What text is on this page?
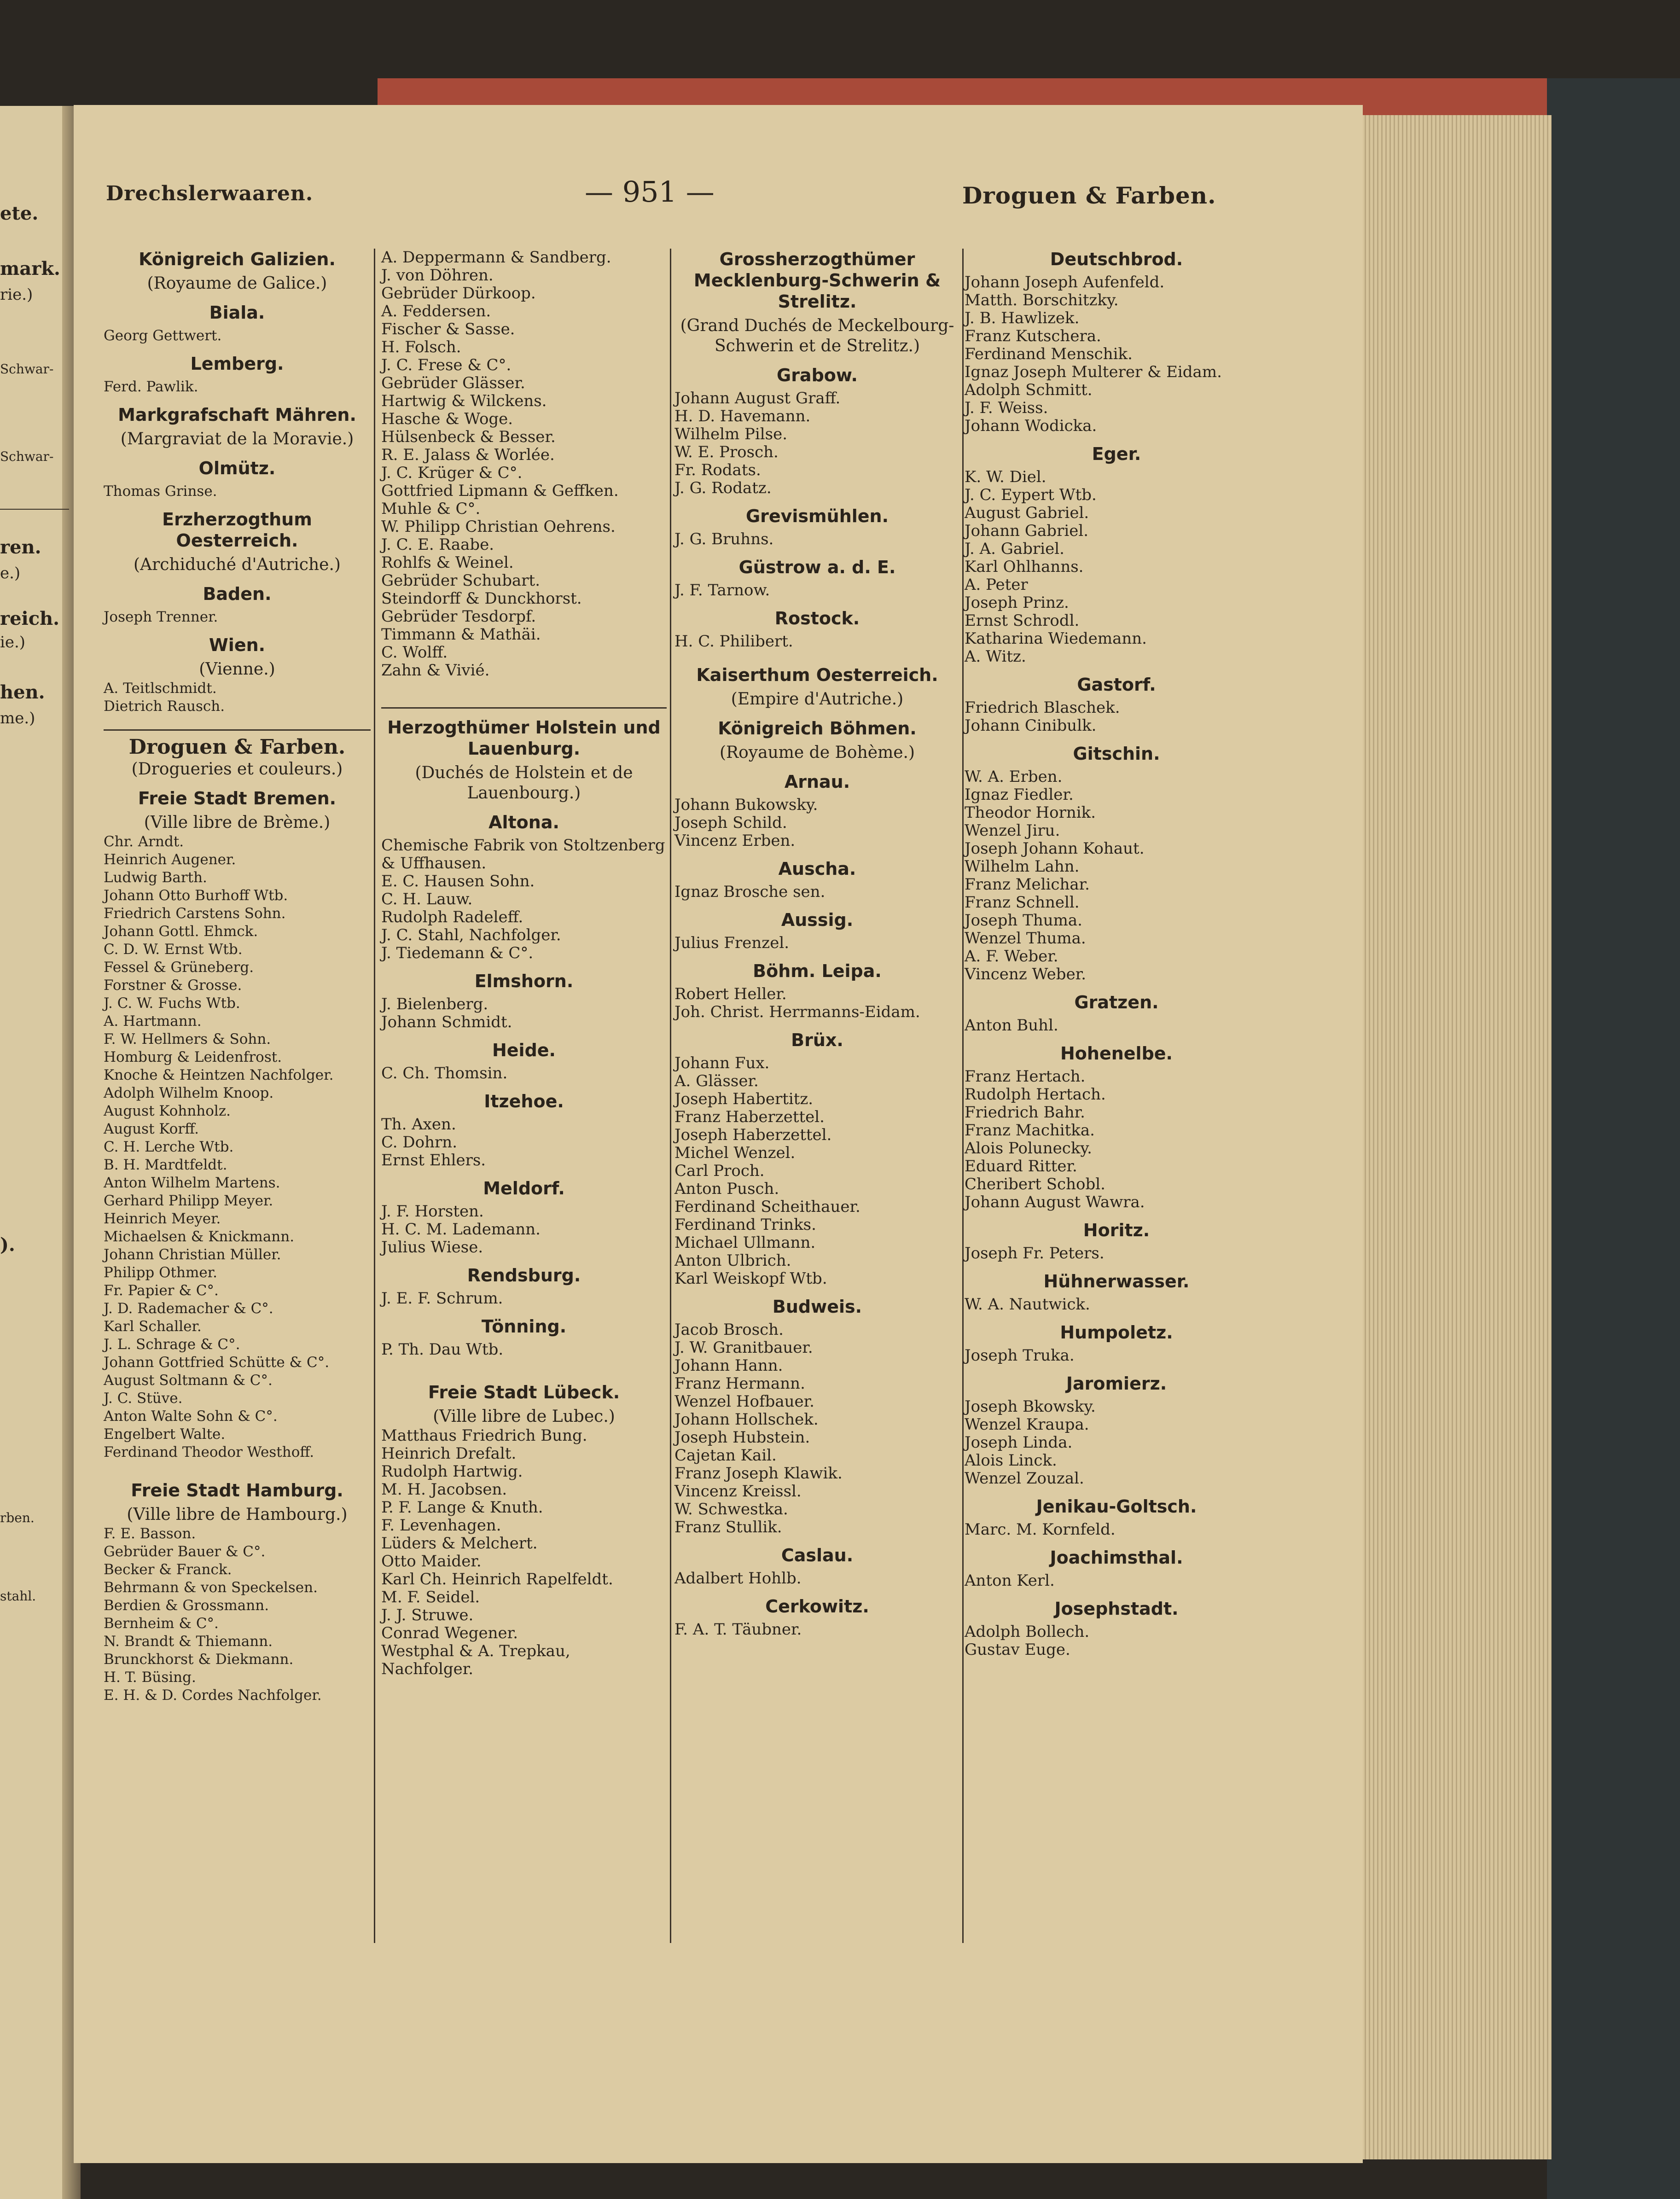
ete.
mark.
rie.)
Schwar-
Schwar-
ren.
e.)
reich.
ie.)
hen.
me.)
).
rben.
stahl.
Drechslerwaaren.	— 951 —	Droguen & Farben.
Königreich Galizien.
(Royaume de Galice.)
Biala.
Georg Gettwert.
Lemberg.
Ferd. Pawlik.
Markgrafschaft Mähren.
(Margraviat de la Moravie.)
Olmütz.
Thomas Grinse.
Erzherzogthum Oesterreich.
(Archiduché d'Autriche.)
Baden.
Joseph Trenner.
Wien.
(Vienne.)
A. Teitlschmidt.
Dietrich Rausch.
Droguen & Farben.
(Drogueries et couleurs.)
Freie Stadt Bremen.
(Ville libre de Brème.)
Chr. Arndt.
Heinrich Augener.
Ludwig Barth.
Johann Otto Burhoff Wtb.
Friedrich Carstens Sohn.
Johann Gottl. Ehmck.
C. D. W. Ernst Wtb.
Fessel & Grüneberg.
Forstner & Grosse.
J. C. W. Fuchs Wtb.
A. Hartmann.
F. W. Hellmers & Sohn.
Homburg & Leidenfrost.
Knoche & Heintzen Nachfolger.
Adolph Wilhelm Knoop.
August Kohnholz.
August Korff.
C. H. Lerche Wtb.
B. H. Mardtfeldt.
Anton Wilhelm Martens.
Gerhard Philipp Meyer.
Heinrich Meyer.
Michaelsen & Knickmann.
Johann Christian Müller.
Philipp Othmer.
Fr. Papier & C°.
J. D. Rademacher & C°.
Karl Schaller.
J. L. Schrage & C°.
Johann Gottfried Schütte & C°.
August Soltmann & C°.
J. C. Stüve.
Anton Walte Sohn & C°.
Engelbert Walte.
Ferdinand Theodor Westhoff.
Freie Stadt Hamburg.
(Ville libre de Hambourg.)
F. E. Basson.
Gebrüder Bauer & C°.
Becker & Franck.
Behrmann & von Speckelsen.
Berdien & Grossmann.
Bernheim & C°.
N. Brandt & Thiemann.
Brunckhorst & Diekmann.
H. T. Büsing.
E. H. & D. Cordes Nachfolger.
A. Deppermann & Sandberg.
J. von Döhren.
Gebrüder Dürkoop.
A. Feddersen.
Fischer & Sasse.
H. Folsch.
J. C. Frese & C°.
Gebrüder Glässer.
Hartwig & Wilckens.
Hasche & Woge.
Hülsenbeck & Besser.
R. E. Jalass & Worlée.
J. C. Krüger & C°.
Gottfried Lipmann & Geffken.
Muhle & C°.
W. Philipp Christian Oehrens.
J. C. E. Raabe.
Rohlfs & Weinel.
Gebrüder Schubart.
Steindorff & Dunckhorst.
Gebrüder Tesdorpf.
Timmann & Mathäi.
C. Wolff.
Zahn & Vivié.
Herzogthümer Holstein und Lauenburg.
(Duchés de Holstein et de Lauenbourg.)
Altona.
Chemische Fabrik von Stoltzenberg & Uffhausen.
E. C. Hausen Sohn.
C. H. Lauw.
Rudolph Radeleff.
J. C. Stahl, Nachfolger.
J. Tiedemann & C°.
Elmshorn.
J. Bielenberg.
Johann Schmidt.
Heide.
C. Ch. Thomsin.
Itzehoe.
Th. Axen.
C. Dohrn.
Ernst Ehlers.
Meldorf.
J. F. Horsten.
H. C. M. Lademann.
Julius Wiese.
Rendsburg.
J. E. F. Schrum.
Tönning.
P. Th. Dau Wtb.
Freie Stadt Lübeck.
(Ville libre de Lubec.)
Matthaus Friedrich Bung.
Heinrich Drefalt.
Rudolph Hartwig.
M. H. Jacobsen.
P. F. Lange & Knuth.
F. Levenhagen.
Lüders & Melchert.
Otto Maider.
Karl Ch. Heinrich Rapelfeldt.
M. F. Seidel.
J. J. Struwe.
Conrad Wegener.
Westphal & A. Trepkau, Nachfolger.
Grossherzogthümer Mecklenburg-Schwerin & Strelitz.
(Grand Duchés de Meckelbourg-Schwerin et de Strelitz.)
Grabow.
Johann August Graff.
H. D. Havemann.
Wilhelm Pilse.
W. E. Prosch.
Fr. Rodats.
J. G. Rodatz.
Grevismühlen.
J. G. Bruhns.
Güstrow a. d. E.
J. F. Tarnow.
Rostock.
H. C. Philibert.
Kaiserthum Oesterreich.
(Empire d'Autriche.)
Königreich Böhmen.
(Royaume de Bohème.)
Arnau.
Johann Bukowsky.
Joseph Schild.
Vincenz Erben.
Auscha.
Ignaz Brosche sen.
Aussig.
Julius Frenzel.
Böhm. Leipa.
Robert Heller.
Joh. Christ. Herrmanns-Eidam.
Brüx.
Johann Fux.
A. Glässer.
Joseph Habertitz.
Franz Haberzettel.
Joseph Haberzettel.
Michel Wenzel.
Carl Proch.
Anton Pusch.
Ferdinand Scheithauer.
Ferdinand Trinks.
Michael Ullmann.
Anton Ulbrich.
Karl Weiskopf Wtb.
Budweis.
Jacob Brosch.
J. W. Granitbauer.
Johann Hann.
Franz Hermann.
Wenzel Hofbauer.
Johann Hollschek.
Joseph Hubstein.
Cajetan Kail.
Franz Joseph Klawik.
Vincenz Kreissl.
W. Schwestka.
Franz Stullik.
Caslau.
Adalbert Hohlb.
Cerkowitz.
F. A. T. Täubner.
Deutschbrod.
Johann Joseph Aufenfeld.
Matth. Borschitzky.
J. B. Hawlizek.
Franz Kutschera.
Ferdinand Menschik.
Ignaz Joseph Multerer & Eidam.
Adolph Schmitt.
J. F. Weiss.
Johann Wodicka.
Eger.
K. W. Diel.
J. C. Eypert Wtb.
August Gabriel.
Johann Gabriel.
J. A. Gabriel.
Karl Ohlhanns.
A. Peter
Joseph Prinz.
Ernst Schrodl.
Katharina Wiedemann.
A. Witz.
Gastorf.
Friedrich Blaschek.
Johann Cinibulk.
Gitschin.
W. A. Erben.
Ignaz Fiedler.
Theodor Hornik.
Wenzel Jiru.
Joseph Johann Kohaut.
Wilhelm Lahn.
Franz Melichar.
Franz Schnell.
Joseph Thuma.
Wenzel Thuma.
A. F. Weber.
Vincenz Weber.
Gratzen.
Anton Buhl.
Hohenelbe.
Franz Hertach.
Rudolph Hertach.
Friedrich Bahr.
Franz Machitka.
Alois Polunecky.
Eduard Ritter.
Cheribert Schobl.
Johann August Wawra.
Horitz.
Joseph Fr. Peters.
Hühnerwasser.
W. A. Nautwick.
Humpoletz.
Joseph Truka.
Jaromierz.
Joseph Bkowsky.
Wenzel Kraupa.
Joseph Linda.
Alois Linck.
Wenzel Zouzal.
Jenikau-Goltsch.
Marc. M. Kornfeld.
Joachimsthal.
Anton Kerl.
Josephstadt.
Adolph Bollech.
Gustav Euge.
